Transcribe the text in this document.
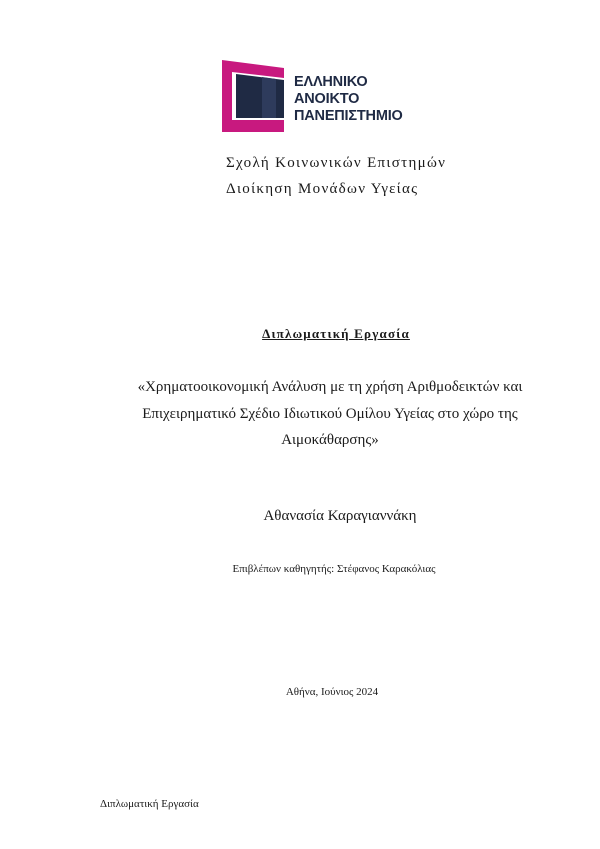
ΕΛΛΗΝΙΚΟ
ΑΝΟΙΚΤΟ
ΠΑΝΕΠΙΣΤΗΜΙΟ
Σχολή Κοινωνικών Επιστημών
Διοίκηση Μονάδων Υγείας
Διπλωματική Εργασία
«Χρηματοοικονομική Ανάλυση με τη χρήση Αριθμοδεικτών και
Επιχειρηματικό Σχέδιο Ιδιωτικού Ομίλου Υγείας στο χώρο της
Αιμοκάθαρσης»
Αθανασία Καραγιαννάκη
Επιβλέπων καθηγητής: Στέφανος Καρακόλιας
Αθήνα, Ιούνιος 2024
Διπλωματική Εργασία
